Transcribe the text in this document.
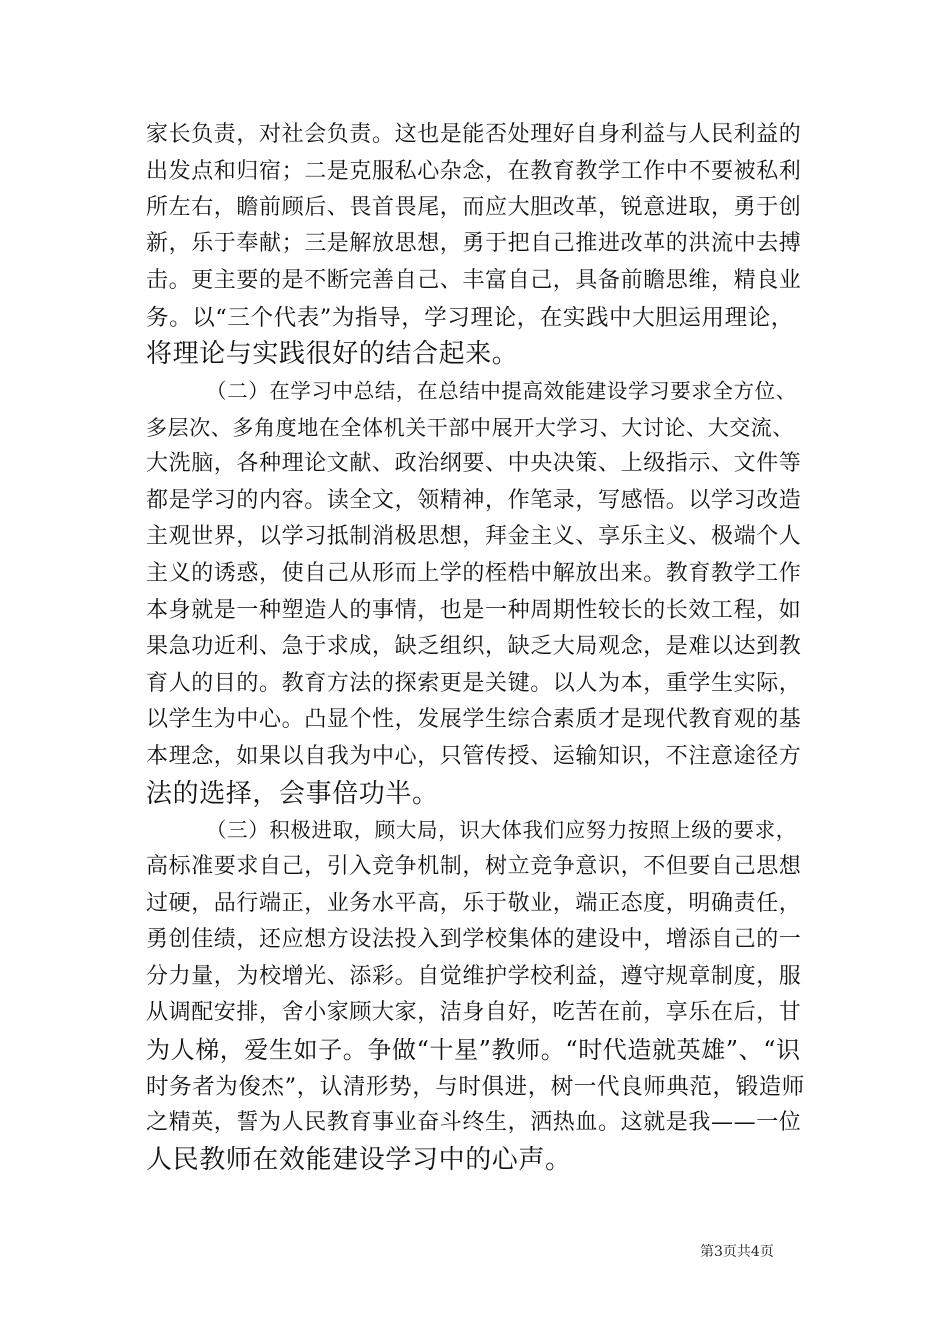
家长负责，对社会负责。这也是能否处理好自身利益与人民利益的
出发点和归宿；二是克服私心杂念，在教育教学工作中不要被私利
所左右，瞻前顾后、畏首畏尾，而应大胆改革，锐意进取，勇于创
新，乐于奉献；三是解放思想，勇于把自己推进改革的洪流中去搏
击。更主要的是不断完善自己、丰富自己，具备前瞻思维，精良业
务。以“三个代表”为指导，学习理论，在实践中大胆运用理论，
将理论与实践很好的结合起来。
（二）在学习中总结，在总结中提高效能建设学习要求全方位、
多层次、多角度地在全体机关干部中展开大学习、大讨论、大交流、
大洗脑，各种理论文献、政治纲要、中央决策、上级指示、文件等
都是学习的内容。读全文，领精神，作笔录，写感悟。以学习改造
主观世界，以学习抵制消极思想，拜金主义、享乐主义、极端个人
主义的诱惑，使自己从形而上学的桎梏中解放出来。教育教学工作
本身就是一种塑造人的事情，也是一种周期性较长的长效工程，如
果急功近利、急于求成，缺乏组织，缺乏大局观念，是难以达到教
育人的目的。教育方法的探索更是关键。以人为本，重学生实际，
以学生为中心。凸显个性，发展学生综合素质才是现代教育观的基
本理念，如果以自我为中心，只管传授、运输知识，不注意途径方
法的选择，会事倍功半。
（三）积极进取，顾大局，识大体我们应努力按照上级的要求，
高标准要求自己，引入竞争机制，树立竞争意识，不但要自己思想
过硬，品行端正，业务水平高，乐于敬业，端正态度，明确责任，
勇创佳绩，还应想方设法投入到学校集体的建设中，增添自己的一
分力量，为校增光、添彩。自觉维护学校利益，遵守规章制度，服
从调配安排，舍小家顾大家，洁身自好，吃苦在前，享乐在后，甘
为人梯，爱生如子。争做“十星”教师。“时代造就英雄”、“识
时务者为俊杰”，认清形势，与时俱进，树一代良师典范，锻造师
之精英，誓为人民教育事业奋斗终生，洒热血。这就是我——一位
人民教师在效能建设学习中的心声。
第3页共4页
